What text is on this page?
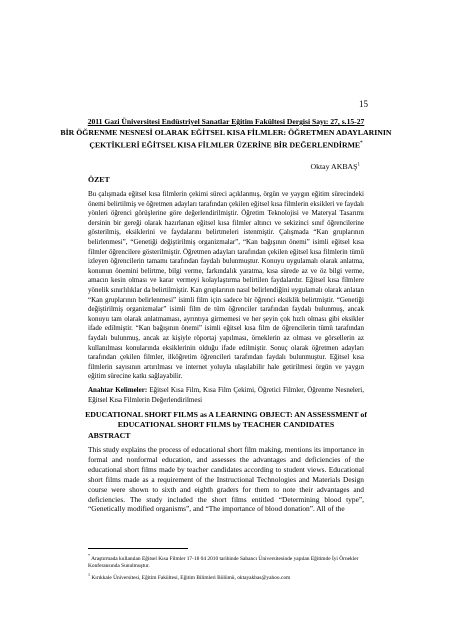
15
2011 Gazi Üniversitesi Endüstriyel Sanatlar Eğitim Fakültesi Dergisi Sayı: 27, s.15-27
BİR ÖĞRENME NESNESİ OLARAK EĞİTSEL KISA FİLMLER: ÖĞRETMEN ADAYLARININ ÇEKTİKLERİ EĞİTSEL KISA FİLMLER ÜZERİNE BİR DEĞERLENDİRME*
Oktay AKBAŞ$^1$
ÖZET
Bu çalışmada eğitsel kısa filmlerin çekimi süreci açıklanmış, örgün ve yaygın eğitim sürecindeki önemi belirtilmiş ve öğretmen adayları tarafından çekilen eğitsel kısa filmlerin eksikleri ve faydalı yönleri öğrenci görüşlerine göre değerlendirilmiştir. Öğretim Teknolojisi ve Materyal Tasarımı dersinin bir gereği olarak hazırlanan eğitsel kısa filmler altıncı ve sekizinci sınıf öğrencilerine gösterilmiş, eksiklerini ve faydalarını belirtmeleri istenmiştir. Çalışmada “Kan gruplarının belirlenmesi”, “Genetiği değiştirilmiş organizmalar”, “Kan bağışının önemi” isimli eğitsel kısa filmler öğrencilere gösterilmiştir. Öğretmen adayları tarafından çekilen eğitsel kısa filmlerin tümü izleyen öğrencilerin tamamı tarafından faydalı bulunmuştur. Konuyu uygulamalı olarak anlatma, konunun önemini belirtme, bilgi verme, farkındalık yaratma, kısa sürede az ve öz bilgi verme, amacın kesin olması ve karar vermeyi kolaylaştırma belirtilen faydalardır. Eğitsel kısa filmlere yönelik sınırlılıklar da belirtilmiştir. Kan gruplarının nasıl belirlendiğini uygulamalı olarak anlatan “Kan gruplarının belirlenmesi” isimli film için sadece bir öğrenci eksiklik belirtmiştir. “Genetiği değiştirilmiş organizmalar” isimli film de tüm öğrenciler tarafından faydalı bulunmuş, ancak konuyu tam olarak anlatmaması, ayrıntıya girmemesi ve her şeyin çok hızlı olması gibi eksikler ifade edilmiştir. “Kan bağışının önemi” isimli eğitsel kısa film de öğrencilerin tümü tarafından faydalı bulunmuş, ancak az kişiyle röportaj yapılması, örneklerin az olması ve görsellerin az kullanılması konularında eksiklerinin olduğu ifade edilmiştir. Sonuç olarak öğretmen adayları tarafından çekilen filmler, ilköğretim öğrencileri tarafından faydalı bulunmuştur. Eğitsel kısa filmlerin sayısının artırılması ve internet yoluyla ulaşılabilir hale getirilmesi örgün ve yaygın eğitim sürecine katkı sağlayabilir.
Anahtar Kelimeler: Eğitsel Kısa Film, Kısa Film Çekimi, Öğretici Filmler, Öğrenme Nesneleri, Eğitsel Kısa Filmlerin Değerlendirilmesi
EDUCATIONAL SHORT FILMS as A LEARNING OBJECT: AN ASSESSMENT of EDUCATIONAL SHORT FILMS by TEACHER CANDIDATES
ABSTRACT
This study explains the process of educational short film making, mentions its importance in formal and nonformal education, and assesses the advantages and deficiencies of the educational short films made by teacher candidates according to student views. Educational short films made as a requirement of the Instructional Technologies and Materials Design course were shown to sixth and eighth graders for them to note their advantages and deficiencies. The study included the short films entitled “Determining blood type”, “Genetically modified organisms”, and “The importance of blood donation”. All of the
* Araştırmada kullanılan Eğitsel Kısa Filmler 17-18 04 2010 tarihinde Sabancı Üniversitesinde yapılan Eğitimde İyi Örnekler Konferansında Sunulmuştur.
$^1$ Kırıkkale Üniversitesi, Eğitim Fakültesi, Eğitim Bilimleri Bölümü, oktayakbas@yahoo.com
